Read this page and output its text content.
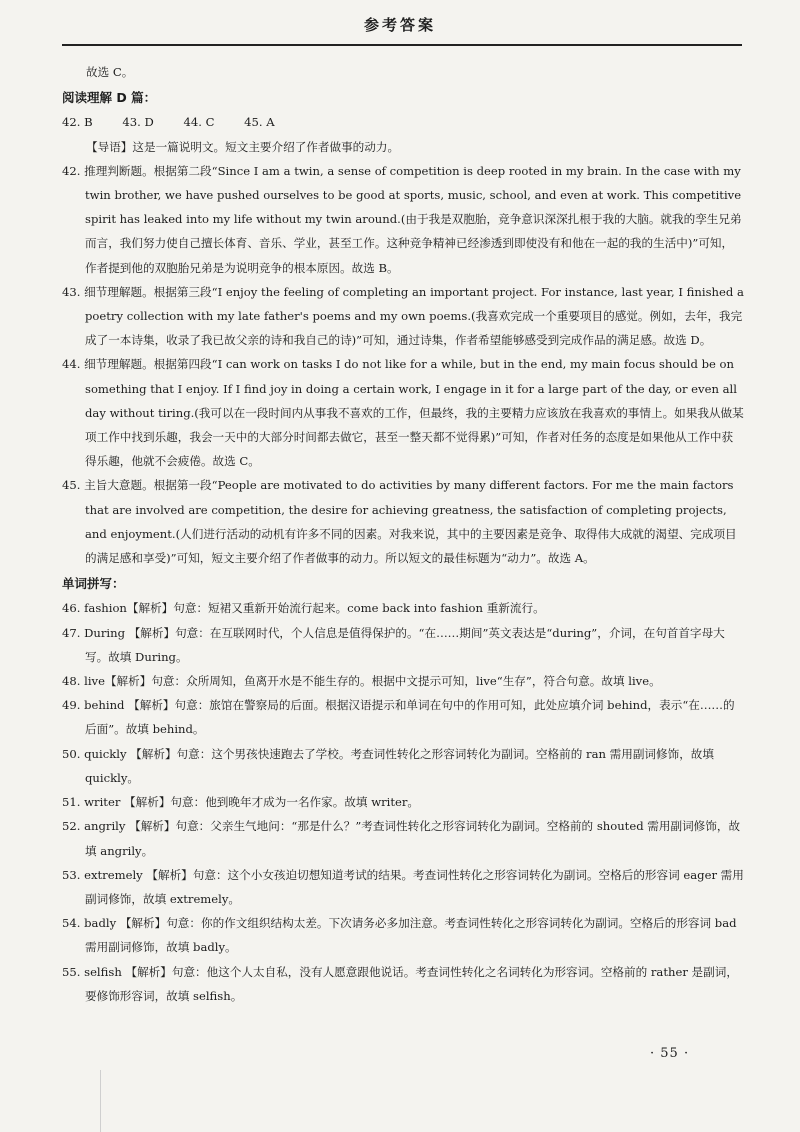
参考答案

故选 C。

阅读理解 D 篇：

42. B	43. D	44. C	45. A

【导语】这是一篇说明文。短文主要介绍了作者做事的动力。

42. 推理判断题。根据第二段“Since I am a twin, a sense of competition is deep rooted in my brain. In the case with my twin brother, we have pushed ourselves to be good at sports, music, school, and even at work. This competitive spirit has leaked into my life without my twin around.(由于我是双胞胎，竞争意识深深扎根于我的大脑。就我的孪生兄弟而言，我们努力使自己擅长体育、音乐、学业，甚至工作。这种竞争精神已经渗透到即使没有和他在一起的我的生活中)”可知，作者提到他的双胞胎兄弟是为说明竞争的根本原因。故选 B。

43. 细节理解题。根据第三段“I enjoy the feeling of completing an important project. For instance, last year, I finished a poetry collection with my late father's poems and my own poems.(我喜欢完成一个重要项目的感觉。例如，去年，我完成了一本诗集，收录了我已故父亲的诗和我自己的诗)”可知，通过诗集，作者希望能够感受到完成作品的满足感。故选 D。

44. 细节理解题。根据第四段“I can work on tasks I do not like for a while, but in the end, my main focus should be on something that I enjoy. If I find joy in doing a certain work, I engage in it for a large part of the day, or even all day without tiring.(我可以在一段时间内从事我不喜欢的工作，但最终，我的主要精力应该放在我喜欢的事情上。如果我从做某项工作中找到乐趣，我会一天中的大部分时间都去做它，甚至一整天都不觉得累)”可知，作者对任务的态度是如果他从工作中获得乐趣，他就不会疲倦。故选 C。

45. 主旨大意题。根据第一段“People are motivated to do activities by many different factors. For me the main factors that are involved are competition, the desire for achieving greatness, the satisfaction of completing projects, and enjoyment.(人们进行活动的动机有许多不同的因素。对我来说，其中的主要因素是竞争、取得伟大成就的渴望、完成项目的满足感和享受)”可知，短文主要介绍了作者做事的动力。所以短文的最佳标题为“动力”。故选 A。

单词拼写：

46. fashion【解析】句意：短裙又重新开始流行起来。come back into fashion 重新流行。

47. During 【解析】句意：在互联网时代，个人信息是值得保护的。“在……期间”英文表达是“during”，介词，在句首首字母大写。故填 During。

48. live【解析】句意：众所周知，鱼离开水是不能生存的。根据中文提示可知，live“生存”，符合句意。故填 live。

49. behind 【解析】句意：旅馆在警察局的后面。根据汉语提示和单词在句中的作用可知，此处应填介词 behind，表示“在……的后面”。故填 behind。

50. quickly 【解析】句意：这个男孩快速跑去了学校。考查词性转化之形容词转化为副词。空格前的 ran 需用副词修饰，故填 quickly。

51. writer 【解析】句意：他到晚年才成为一名作家。故填 writer。

52. angrily 【解析】句意：父亲生气地问：“那是什么？”考查词性转化之形容词转化为副词。空格前的 shouted 需用副词修饰，故填 angrily。

53. extremely 【解析】句意：这个小女孩迫切想知道考试的结果。考查词性转化之形容词转化为副词。空格后的形容词 eager 需用副词修饰，故填 extremely。

54. badly 【解析】句意：你的作文组织结构太差。下次请务必多加注意。考查词性转化之形容词转化为副词。空格后的形容词 bad 需用副词修饰，故填 badly。

55. selfish 【解析】句意：他这个人太自私，没有人愿意跟他说话。考查词性转化之名词转化为形容词。空格前的 rather 是副词，要修饰形容词，故填 selfish。

· 55 ·
